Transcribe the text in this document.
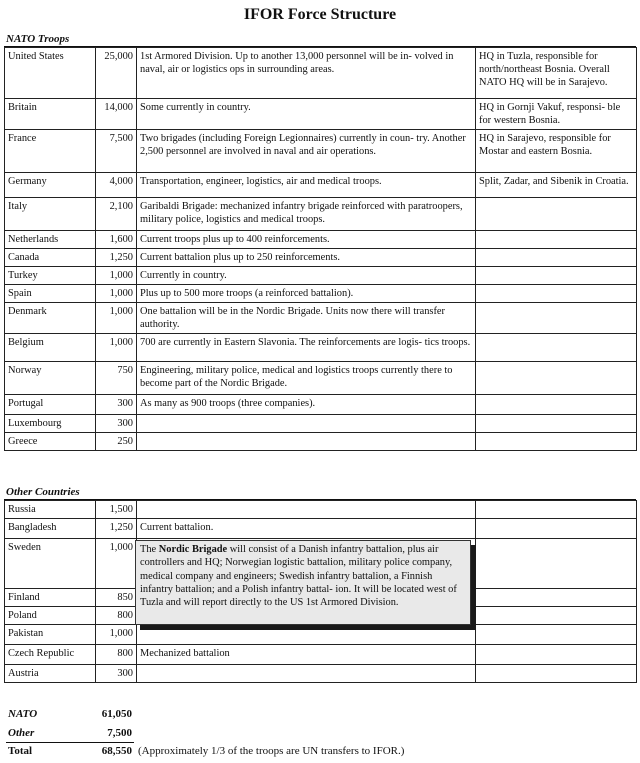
IFOR Force Structure
NATO Troops
United States	25,000	1st Armored Division. Up to another 13,000 personnel will be in- volved in naval, air or logistics ops in surrounding areas.	HQ in Tuzla, responsible for north/northeast Bosnia. Overall NATO HQ will be in Sarajevo.
Britain	14,000	Some currently in country.	HQ in Gornji Vakuf, responsi- ble for western Bosnia.
France	7,500	Two brigades (including Foreign Legionnaires) currently in coun- try. Another 2,500 personnel are involved in naval and air operations.	HQ in Sarajevo, responsible for Mostar and eastern Bosnia.
Germany	4,000	Transportation, engineer, logistics, air and medical troops.	Split, Zadar, and Sibenik in Croatia.
Italy	2,100	Garibaldi Brigade: mechanized infantry brigade reinforced with paratroopers, military police, logistics and medical troops.	
Netherlands	1,600	Current troops plus up to 400 reinforcements.	
Canada	1,250	Current battalion plus up to 250 reinforcements.	
Turkey	1,000	Currently in country.	
Spain	1,000	Plus up to 500 more troops (a reinforced battalion).	
Denmark	1,000	One battalion will be in the Nordic Brigade. Units now there will transfer authority.	
Belgium	1,000	700 are currently in Eastern Slavonia. The reinforcements are logis- tics troops.	
Norway	750	Engineering, military police, medical and logistics troops currently there to become part of the Nordic Brigade.	
Portugal	300	As many as 900 troops (three companies).	
Luxembourg	300		
Greece	250		
Other Countries
Russia	1,500		
Bangladesh	1,250	Current battalion.	
Sweden	1,000		
Finland	850		
Poland	800		
Pakistan	1,000		
Czech Republic	800	Mechanized battalion	
Austria	300		
The Nordic Brigade will consist of a Danish infantry battalion, plus air controllers and HQ; Norwegian logistic battalion, military police company, medical company and engineers; Swedish infantry battalion, a Finnish infantry battalion; and a Polish infantry battal- ion. It will be located west of Tuzla and will report directly to the US 1st Armored Division.
NATO	61,050
Other	7,500
Total	68,550 (Approximately 1/3 of the troops are UN transfers to IFOR.)
